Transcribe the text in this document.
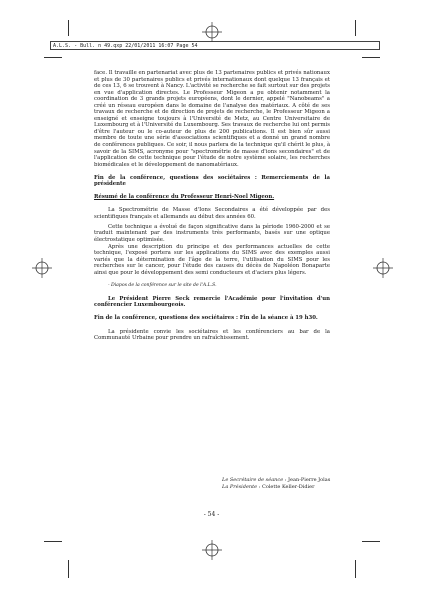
A.L.S. - Bull. n 49.qxp 22/01/2011 16:07 Page 54

face. Il travaille en partenariat avec plus de 13 partenaires publics et privés nationaux et plus de 30 partenaires publics et privés internationaux dont quelque 13 français et de ces 13, 6 se trouvent à Nancy. L'activité se recherche se fait surtout sur des projets en vue d'application directes. Le Professeur Migeon a pu obtenir notamment la coordination de 3 grands projets européens, dont le dernier, appelé "Nanobeams" a créé un réseau européen dans le domaine de l'analyse des matériaux. A côté de ses travaux de recherche et de direction de projets de recherche, le Professeur Migeon a enseigné et enseigne toujours à l'Université de Metz, au Centre Universitaire de Luxembourg et à l'Université du Luxembourg. Ses travaux de recherche lui ont permis d'être l'auteur ou le co-auteur de plus de 200 publications. Il est bien sûr aussi membre de toute une série d'associations scientifiques et a donné un grand nombre de conférences publiques. Ce soir, il nous parlera de la technique qu'il chérit le plus, à savoir de la SIMS, acronyme pour "spectrométrie de masse d'ions secondaires" et de l'application de cette technique pour l'étude de notre système solaire, les recherches biomédicales et le développement de nanomatériaux.

Fin de la conférence, questions des sociétaires : Remerciements de la présidente

Résumé de la conférence du Professeur Henri-Noel Migeon.

La Spectrométrie de Masse d'Ions Secondaires a été développée par des scientifiques français et allemands au début des années 60.

Cette technique a évolué de façon significative dans la période 1960-2000 et se traduit maintenant par des instruments très performants, basés sur une optique électrostatique optimisée.

Après une description du principe et des performances actuelles de cette technique, l'exposé portera sur les applications du SIMS avec des exemples aussi variés que la détermination de l'âge de la terre, l'utilisation du SIMS pour les recherches sur le cancer, pour l'étude des causes du décès de Napoléon Bonaparte ainsi que pour le développement des semi conducteurs et d'aciers plus légers.

- Diapos de la conférence sur le site de l'A.L.S.

Le Président Pierre Seck remercie l'Académie pour l'invitation d'un conférencier Luxembourgeois.

Fin de la conférence, questions des sociétaires : Fin de la séance à 19 h30.

La présidente convie les sociétaires et les conférenciers au bar de la Communauté Urbaine pour prendre un rafraîchissement.

Le Secrétaire de séance : Jean-Pierre Jolas
La Présidente : Colette Keller-Didier
- 54 -
